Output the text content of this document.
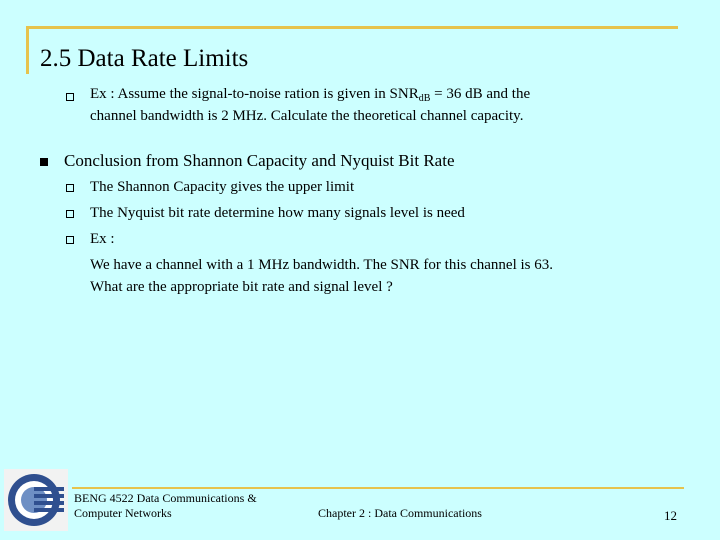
2.5 Data Rate Limits
Ex : Assume the signal-to-noise ration is given in $SNR_{dB} = 36$ dB and the
channel bandwidth is 2 MHz. Calculate the theoretical channel capacity.
Conclusion from Shannon Capacity and Nyquist Bit Rate
The Shannon Capacity gives the upper limit
The Nyquist bit rate determine how many signals level is need
Ex :
We have a channel with a 1 MHz bandwidth. The SNR for this channel is 63.
What are the appropriate bit rate and signal level ?
BENG 4522 Data Communications &
Computer Networks	Chapter 2 : Data Communications	12
